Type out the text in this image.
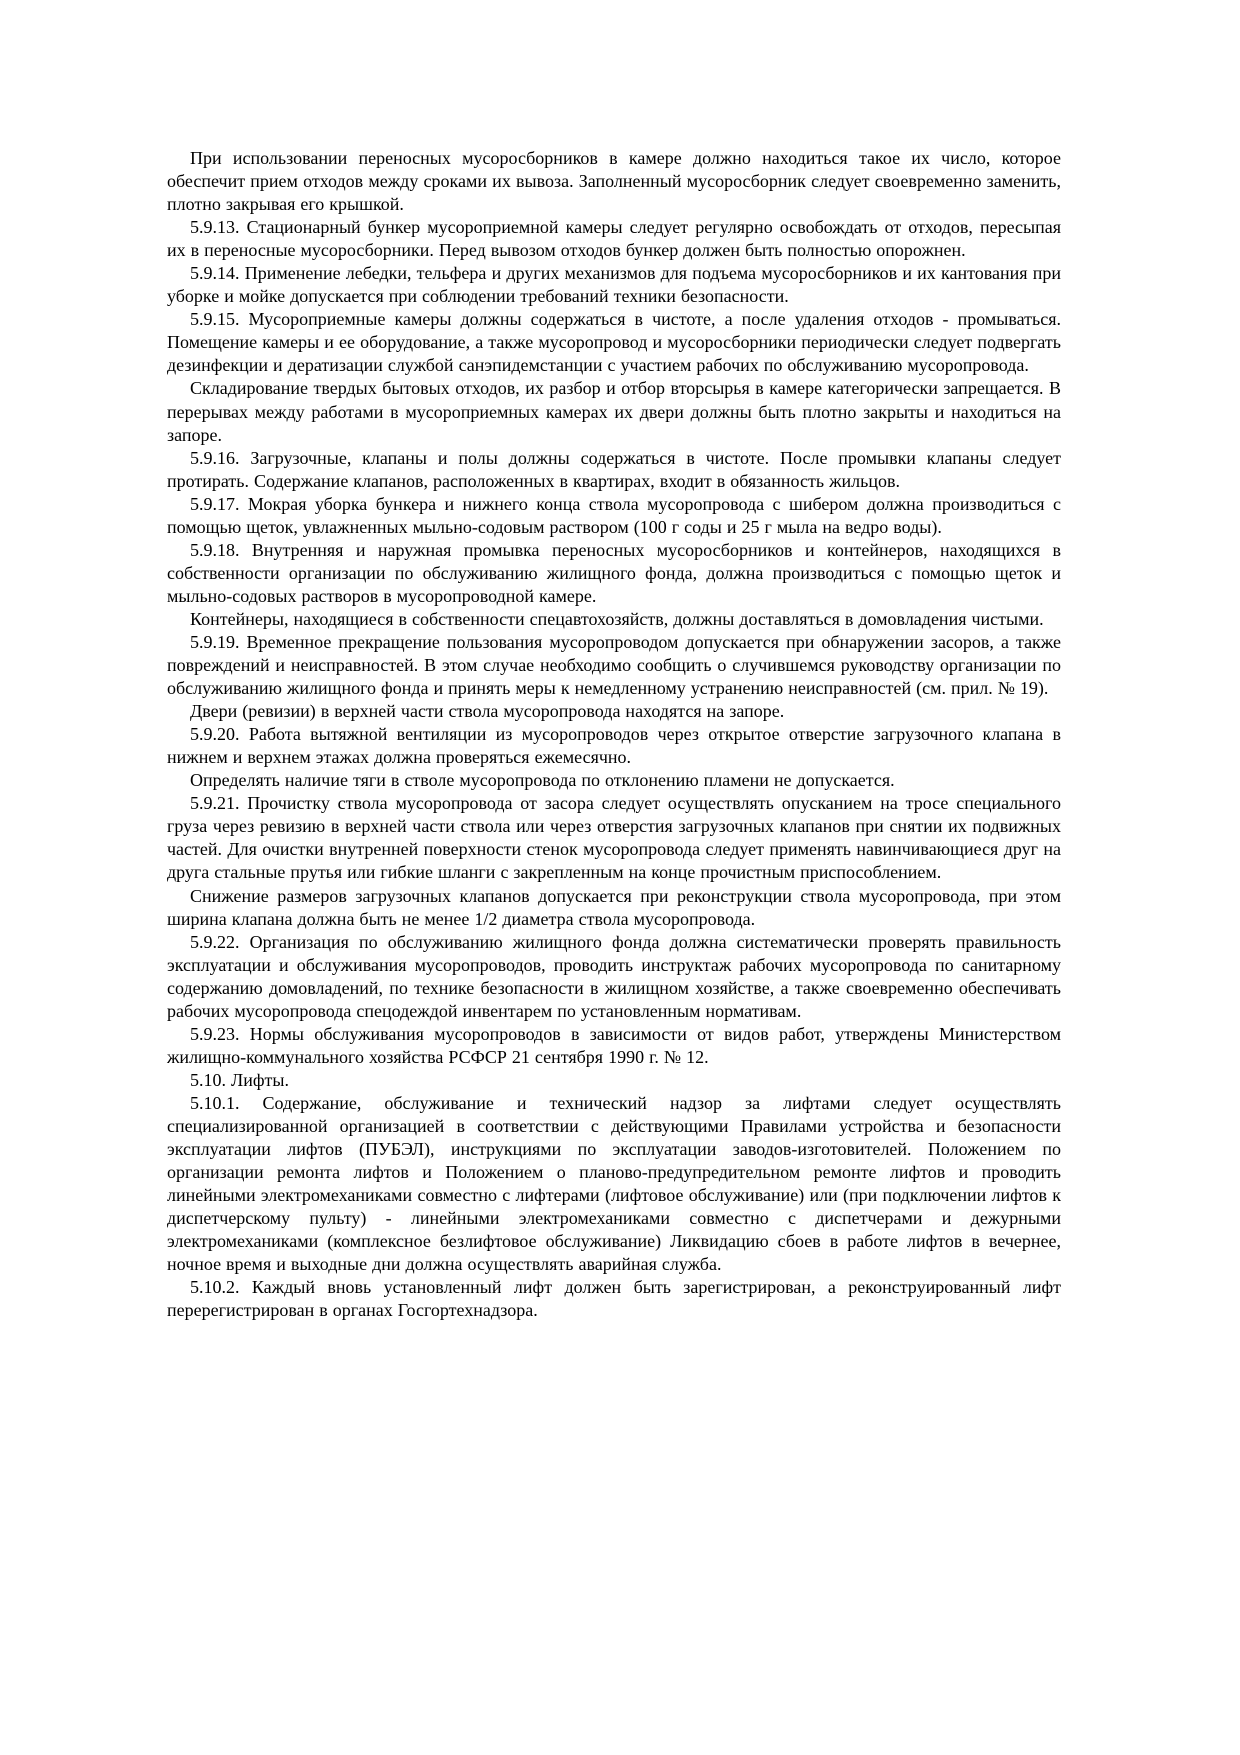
При использовании переносных мусоросборников в камере должно находиться такое их число, которое обеспечит прием отходов между сроками их вывоза. Заполненный мусоросборник следует своевременно заменить, плотно закрывая его крышкой.

5.9.13. Стационарный бункер мусороприемной камеры следует регулярно освобождать от отходов, пересыпая их в переносные мусоросборники. Перед вывозом отходов бункер должен быть полностью опорожнен.

5.9.14. Применение лебедки, тельфера и других механизмов для подъема мусоросборников и их кантования при уборке и мойке допускается при соблюдении требований техники безопасности.

5.9.15. Мусороприемные камеры должны содержаться в чистоте, а после удаления отходов - промываться. Помещение камеры и ее оборудование, а также мусоропровод и мусоросборники периодически следует подвергать дезинфекции и дератизации службой санэпидемстанции с участием рабочих по обслуживанию мусоропровода.

Складирование твердых бытовых отходов, их разбор и отбор вторсырья в камере категорически запрещается. В перерывах между работами в мусороприемных камерах их двери должны быть плотно закрыты и находиться на запоре.

5.9.16. Загрузочные, клапаны и полы должны содержаться в чистоте. После промывки клапаны следует протирать. Содержание клапанов, расположенных в квартирах, входит в обязанность жильцов.

5.9.17. Мокрая уборка бункера и нижнего конца ствола мусоропровода с шибером должна производиться с помощью щеток, увлажненных мыльно-содовым раствором (100 г соды и 25 г мыла на ведро воды).

5.9.18. Внутренняя и наружная промывка переносных мусоросборников и контейнеров, находящихся в собственности организации по обслуживанию жилищного фонда, должна производиться с помощью щеток и мыльно-содовых растворов в мусоропроводной камере.

Контейнеры, находящиеся в собственности спецавтохозяйств, должны доставляться в домовладения чистыми.

5.9.19. Временное прекращение пользования мусоропроводом допускается при обнаружении засоров, а также повреждений и неисправностей. В этом случае необходимо сообщить о случившемся руководству организации по обслуживанию жилищного фонда и принять меры к немедленному устранению неисправностей (см. прил. № 19).

Двери (ревизии) в верхней части ствола мусоропровода находятся на запоре.

5.9.20. Работа вытяжной вентиляции из мусоропроводов через открытое отверстие загрузочного клапана в нижнем и верхнем этажах должна проверяться ежемесячно.

Определять наличие тяги в стволе мусоропровода по отклонению пламени не допускается.

5.9.21. Прочистку ствола мусоропровода от засора следует осуществлять опусканием на тросе специального груза через ревизию в верхней части ствола или через отверстия загрузочных клапанов при снятии их подвижных частей. Для очистки внутренней поверхности стенок мусоропровода следует применять навинчивающиеся друг на друга стальные прутья или гибкие шланги с закрепленным на конце прочистным приспособлением.

Снижение размеров загрузочных клапанов допускается при реконструкции ствола мусоропровода, при этом ширина клапана должна быть не менее 1/2 диаметра ствола мусоропровода.

5.9.22. Организация по обслуживанию жилищного фонда должна систематически проверять правильность эксплуатации и обслуживания мусоропроводов, проводить инструктаж рабочих мусоропровода по санитарному содержанию домовладений, по технике безопасности в жилищном хозяйстве, а также своевременно обеспечивать рабочих мусоропровода спецодеждой инвентарем по установленным нормативам.

5.9.23. Нормы обслуживания мусоропроводов в зависимости от видов работ, утверждены Министерством жилищно-коммунального хозяйства РСФСР 21 сентября 1990 г. № 12.

5.10. Лифты.

5.10.1. Содержание, обслуживание и технический надзор за лифтами следует осуществлять специализированной организацией в соответствии с действующими Правилами устройства и безопасности эксплуатации лифтов (ПУБЭЛ), инструкциями по эксплуатации заводов-изготовителей. Положением по организации ремонта лифтов и Положением о планово-предупредительном ремонте лифтов и проводить линейными электромеханиками совместно с лифтерами (лифтовое обслуживание) или (при подключении лифтов к диспетчерскому пульту) - линейными электромеханиками совместно с диспетчерами и дежурными электромеханиками (комплексное безлифтовое обслуживание) Ликвидацию сбоев в работе лифтов в вечернее, ночное время и выходные дни должна осуществлять аварийная служба.

5.10.2. Каждый вновь установленный лифт должен быть зарегистрирован, а реконструированный лифт перерегистрирован в органах Госгортехнадзора.
